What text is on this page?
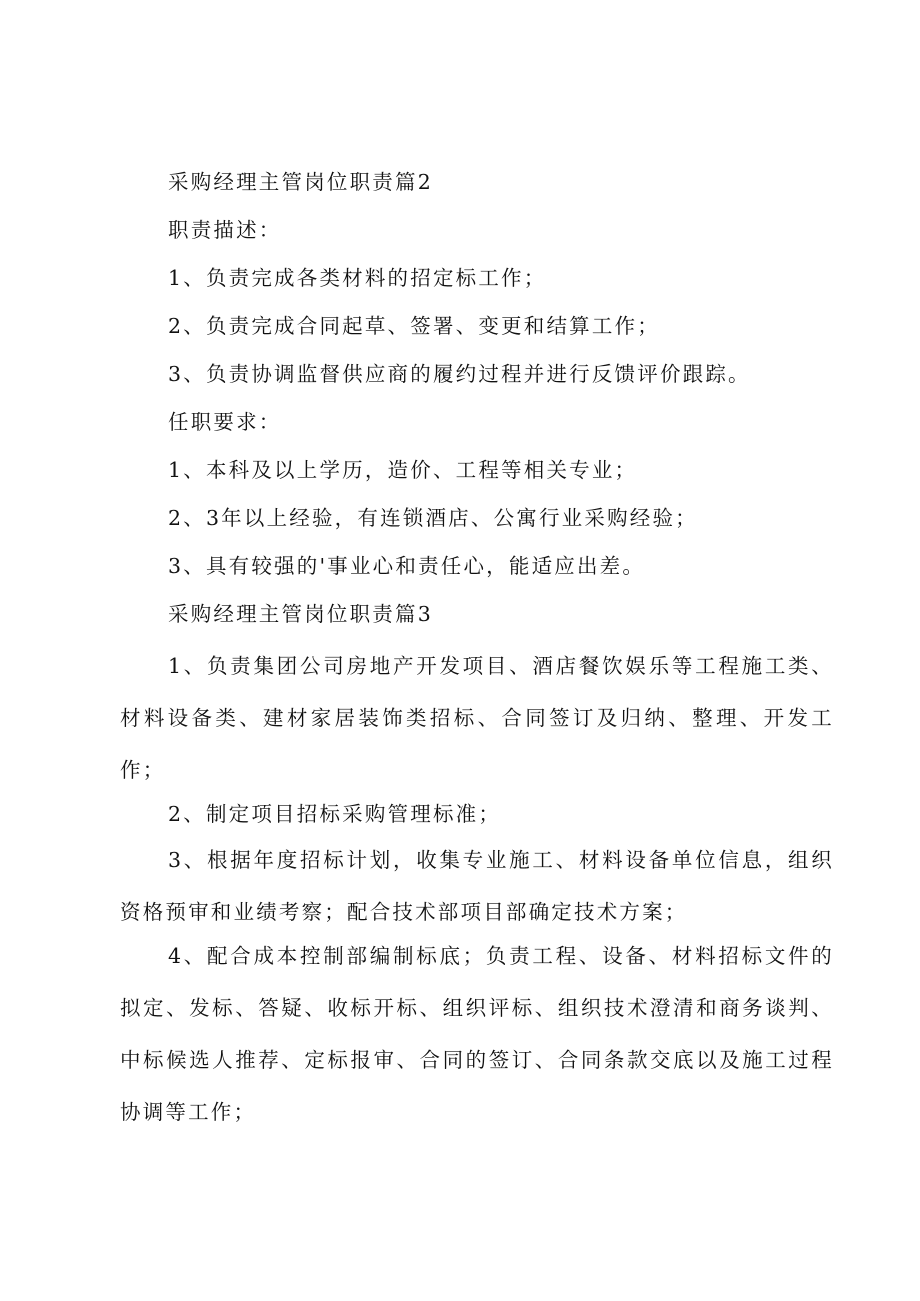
采购经理主管岗位职责篇2
职责描述：
1、负责完成各类材料的招定标工作；
2、负责完成合同起草、签署、变更和结算工作；
3、负责协调监督供应商的履约过程并进行反馈评价跟踪。
任职要求：
1、本科及以上学历，造价、工程等相关专业；
2、3年以上经验，有连锁酒店、公寓行业采购经验；
3、具有较强的'事业心和责任心，能适应出差。
采购经理主管岗位职责篇3
1、负责集团公司房地产开发项目、酒店餐饮娱乐等工程施工类、材料设备类、建材家居装饰类招标、合同签订及归纳、整理、开发工作；
2、制定项目招标采购管理标准；
3、根据年度招标计划，收集专业施工、材料设备单位信息，组织资格预审和业绩考察；配合技术部项目部确定技术方案；
4、配合成本控制部编制标底；负责工程、设备、材料招标文件的拟定、发标、答疑、收标开标、组织评标、组织技术澄清和商务谈判、中标候选人推荐、定标报审、合同的签订、合同条款交底以及施工过程协调等工作；
